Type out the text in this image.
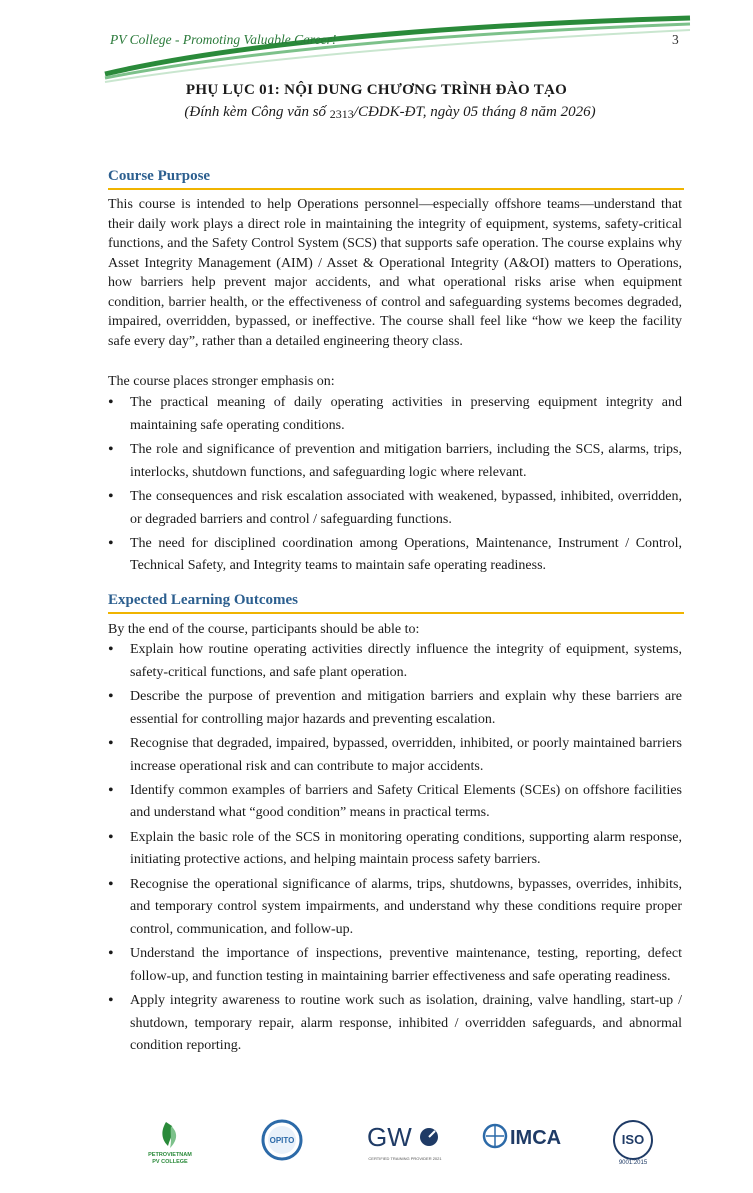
PV College - Promoting Valuable Career!	3
PHỤ LỤC 01: NỘI DUNG CHƯƠNG TRÌNH ĐÀO TẠO
(Đính kèm Công văn số 2313/CĐDK-ĐT, ngày 05 tháng 8 năm 2026)
Course Purpose
This course is intended to help Operations personnel—especially offshore teams—understand that their daily work plays a direct role in maintaining the integrity of equipment, systems, safety-critical functions, and the Safety Control System (SCS) that supports safe operation. The course explains why Asset Integrity Management (AIM) / Asset & Operational Integrity (A&OI) matters to Operations, how barriers help prevent major accidents, and what operational risks arise when equipment condition, barrier health, or the effectiveness of control and safeguarding systems becomes degraded, impaired, overridden, bypassed, or ineffective. The course shall feel like “how we keep the facility safe every day”, rather than a detailed engineering theory class.
The course places stronger emphasis on:
• The practical meaning of daily operating activities in preserving equipment integrity and maintaining safe operating conditions.
• The role and significance of prevention and mitigation barriers, including the SCS, alarms, trips, interlocks, shutdown functions, and safeguarding logic where relevant.
• The consequences and risk escalation associated with weakened, bypassed, inhibited, overridden, or degraded barriers and control / safeguarding functions.
• The need for disciplined coordination among Operations, Maintenance, Instrument / Control, Technical Safety, and Integrity teams to maintain safe operating readiness.
Expected Learning Outcomes
By the end of the course, participants should be able to:
• Explain how routine operating activities directly influence the integrity of equipment, systems, safety-critical functions, and safe plant operation.
• Describe the purpose of prevention and mitigation barriers and explain why these barriers are essential for controlling major hazards and preventing escalation.
• Recognise that degraded, impaired, bypassed, overridden, inhibited, or poorly maintained barriers increase operational risk and can contribute to major accidents.
• Identify common examples of barriers and Safety Critical Elements (SCEs) on offshore facilities and understand what “good condition” means in practical terms.
• Explain the basic role of the SCS in monitoring operating conditions, supporting alarm response, initiating protective actions, and helping maintain process safety barriers.
• Recognise the operational significance of alarms, trips, shutdowns, bypasses, overrides, inhibits, and temporary control system impairments, and understand why these conditions require proper control, communication, and follow-up.
• Understand the importance of inspections, preventive maintenance, testing, reporting, defect follow-up, and function testing in maintaining barrier effectiveness and safe operating readiness.
• Apply integrity awareness to routine work such as isolation, draining, valve handling, start-up / shutdown, temporary repair, alarm response, inhibited / overridden safeguards, and abnormal condition reporting.
PETROVIETNAM
PV COLLEGE
OPITO	GW
CERTIFIED TRAINING PROVIDER 2021
IMCA	ISO
9001:2015
